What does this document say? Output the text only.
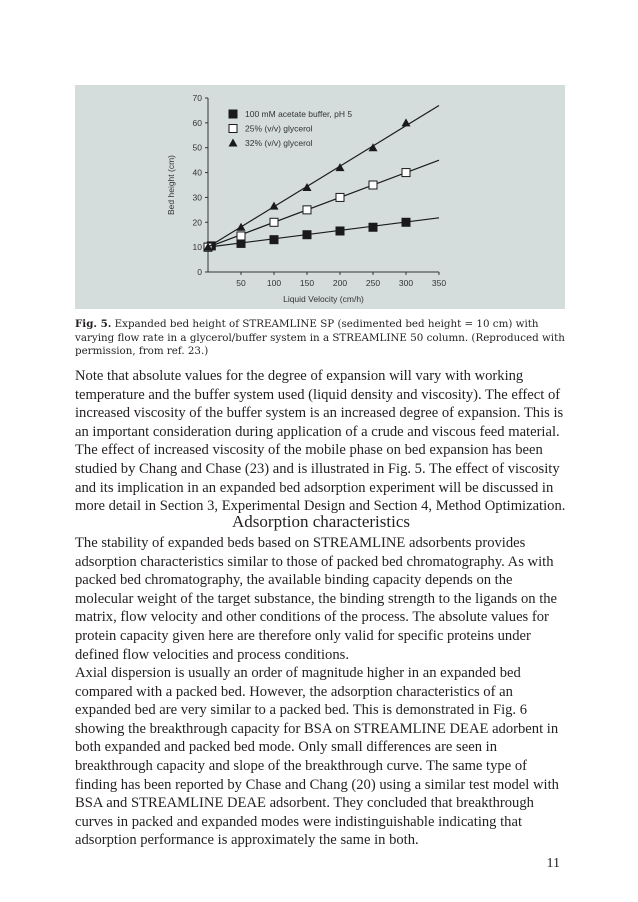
0
10
20
30
40
50
60
70
50 100 150 200 250 300 350
Liquid Velocity (cm/h)
Bed height (cm)
100 mM acetate buffer, pH 5
25% (v/v) glycerol
32% (v/v) glycerol
Fig. 5. Expanded bed height of STREAMLINE SP (sedimented bed height = 10 cm) with varying flow rate in a glycerol/buffer system in a STREAMLINE 50 column. (Reproduced with permission, from ref. 23.)

Note that absolute values for the degree of expansion will vary with working temperature and the buffer system used (liquid density and viscosity). The effect of increased viscosity of the buffer system is an increased degree of expansion. This is an important consideration during application of a crude and viscous feed material. The effect of increased viscosity of the mobile phase on bed expansion has been studied by Chang and Chase (23) and is illustrated in Fig. 5. The effect of viscosity and its implication in an expanded bed adsorption experiment will be discussed in more detail in Section 3, Experimental Design and Section 4, Method Optimization.

Adsorption characteristics

The stability of expanded beds based on STREAMLINE adsorbents provides adsorption characteristics similar to those of packed bed chromatography. As with packed bed chromatography, the available binding capacity depends on the molecular weight of the target substance, the binding strength to the ligands on the matrix, flow velocity and other conditions of the process. The absolute values for protein capacity given here are therefore only valid for specific proteins under defined flow velocities and process conditions.

Axial dispersion is usually an order of magnitude higher in an expanded bed compared with a packed bed. However, the adsorption characteristics of an expanded bed are very similar to a packed bed. This is demonstrated in Fig. 6 showing the breakthrough capacity for BSA on STREAMLINE DEAE adorbent in both expanded and packed bed mode. Only small differences are seen in breakthrough capacity and slope of the breakthrough curve. The same type of finding has been reported by Chase and Chang (20) using a similar test model with BSA and STREAMLINE DEAE adsorbent. They concluded that breakthrough curves in packed and expanded modes were indistinguishable indicating that adsorption performance is approximately the same in both.

11
